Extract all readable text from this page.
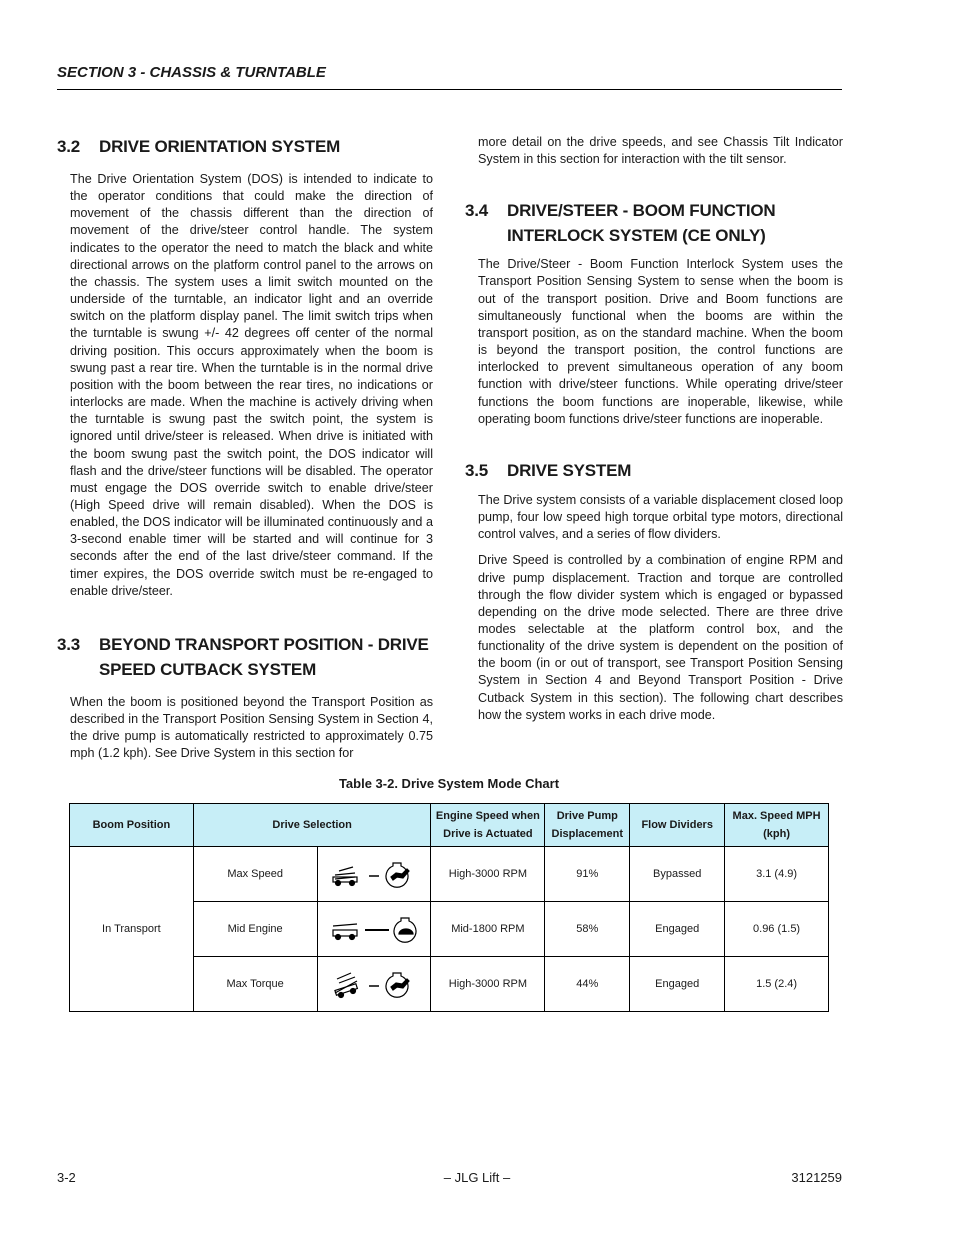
SECTION 3 - CHASSIS & TURNTABLE
3.2	DRIVE ORIENTATION SYSTEM

The Drive Orientation System (DOS) is intended to indicate to the operator conditions that could make the direction of movement of the chassis different than the direction of movement of the drive/steer control handle. The system indicates to the operator the need to match the black and white directional arrows on the platform control panel to the arrows on the chassis. The system uses a limit switch mounted on the underside of the turntable, an indicator light and an override switch on the platform display panel. The limit switch trips when the turntable is swung +/- 42 degrees off center of the normal driving position. This occurs approximately when the boom is swung past a rear tire. When the turntable is in the normal drive position with the boom between the rear tires, no indications or interlocks are made. When the machine is actively driving when the turntable is swung past the switch point, the system is ignored until drive/steer is released. When drive is initiated with the boom swung past the switch point, the DOS indicator will flash and the drive/steer functions will be disabled. The operator must engage the DOS override switch to enable drive/steer (High Speed drive will remain disabled). When the DOS is enabled, the DOS indicator will be illuminated continuously and a 3-second enable timer will be started and will continue for 3 seconds after the end of the last drive/steer command. If the timer expires, the DOS override switch must be re-engaged to enable drive/steer.

3.3	BEYOND TRANSPORT POSITION - DRIVE SPEED CUTBACK SYSTEM

When the boom is positioned beyond the Transport Position as described in the Transport Position Sensing System in Section 4, the drive pump is automatically restricted to approximately 0.75 mph (1.2 kph). See Drive System in this section for

more detail on the drive speeds, and see Chassis Tilt Indicator System in this section for interaction with the tilt sensor.

3.4	DRIVE/STEER - BOOM FUNCTION INTERLOCK SYSTEM (CE ONLY)

The Drive/Steer - Boom Function Interlock System uses the Transport Position Sensing System to sense when the boom is out of the transport position. Drive and Boom functions are simultaneously functional when the booms are within the transport position, as on the standard machine. When the boom is beyond the transport position, the control functions are interlocked to prevent simultaneous operation of any boom function with drive/steer functions. While operating drive/steer functions the boom functions are inoperable, likewise, while operating boom functions drive/steer functions are inoperable.

3.5	DRIVE SYSTEM

The Drive system consists of a variable displacement closed loop pump, four low speed high torque orbital type motors, directional control valves, and a series of flow dividers.

Drive Speed is controlled by a combination of engine RPM and drive pump displacement. Traction and torque are controlled through the flow divider system which is engaged or bypassed depending on the drive mode selected. There are three drive modes selectable at the platform control box, and the functionality of the drive system is dependent on the position of the boom (in or out of transport, see Transport Position Sensing System in Section 4 and Beyond Transport Position - Drive Cutback System in this section). The following chart describes how the system works in each drive mode.

Table 3-2. Drive System Mode Chart
Boom Position	Drive Selection		Engine Speed when Drive is Actuated	Drive Pump Displacement	Flow Dividers	Max. Speed MPH (kph)
In Transport	Max Speed		High-3000 RPM	91%	Bypassed	3.1 (4.9)
	Mid Engine		Mid-1800 RPM	58%	Engaged	0.96 (1.5)
	Max Torque		High-3000 RPM	44%	Engaged	1.5 (2.4)
3-2	– JLG Lift –	3121259
